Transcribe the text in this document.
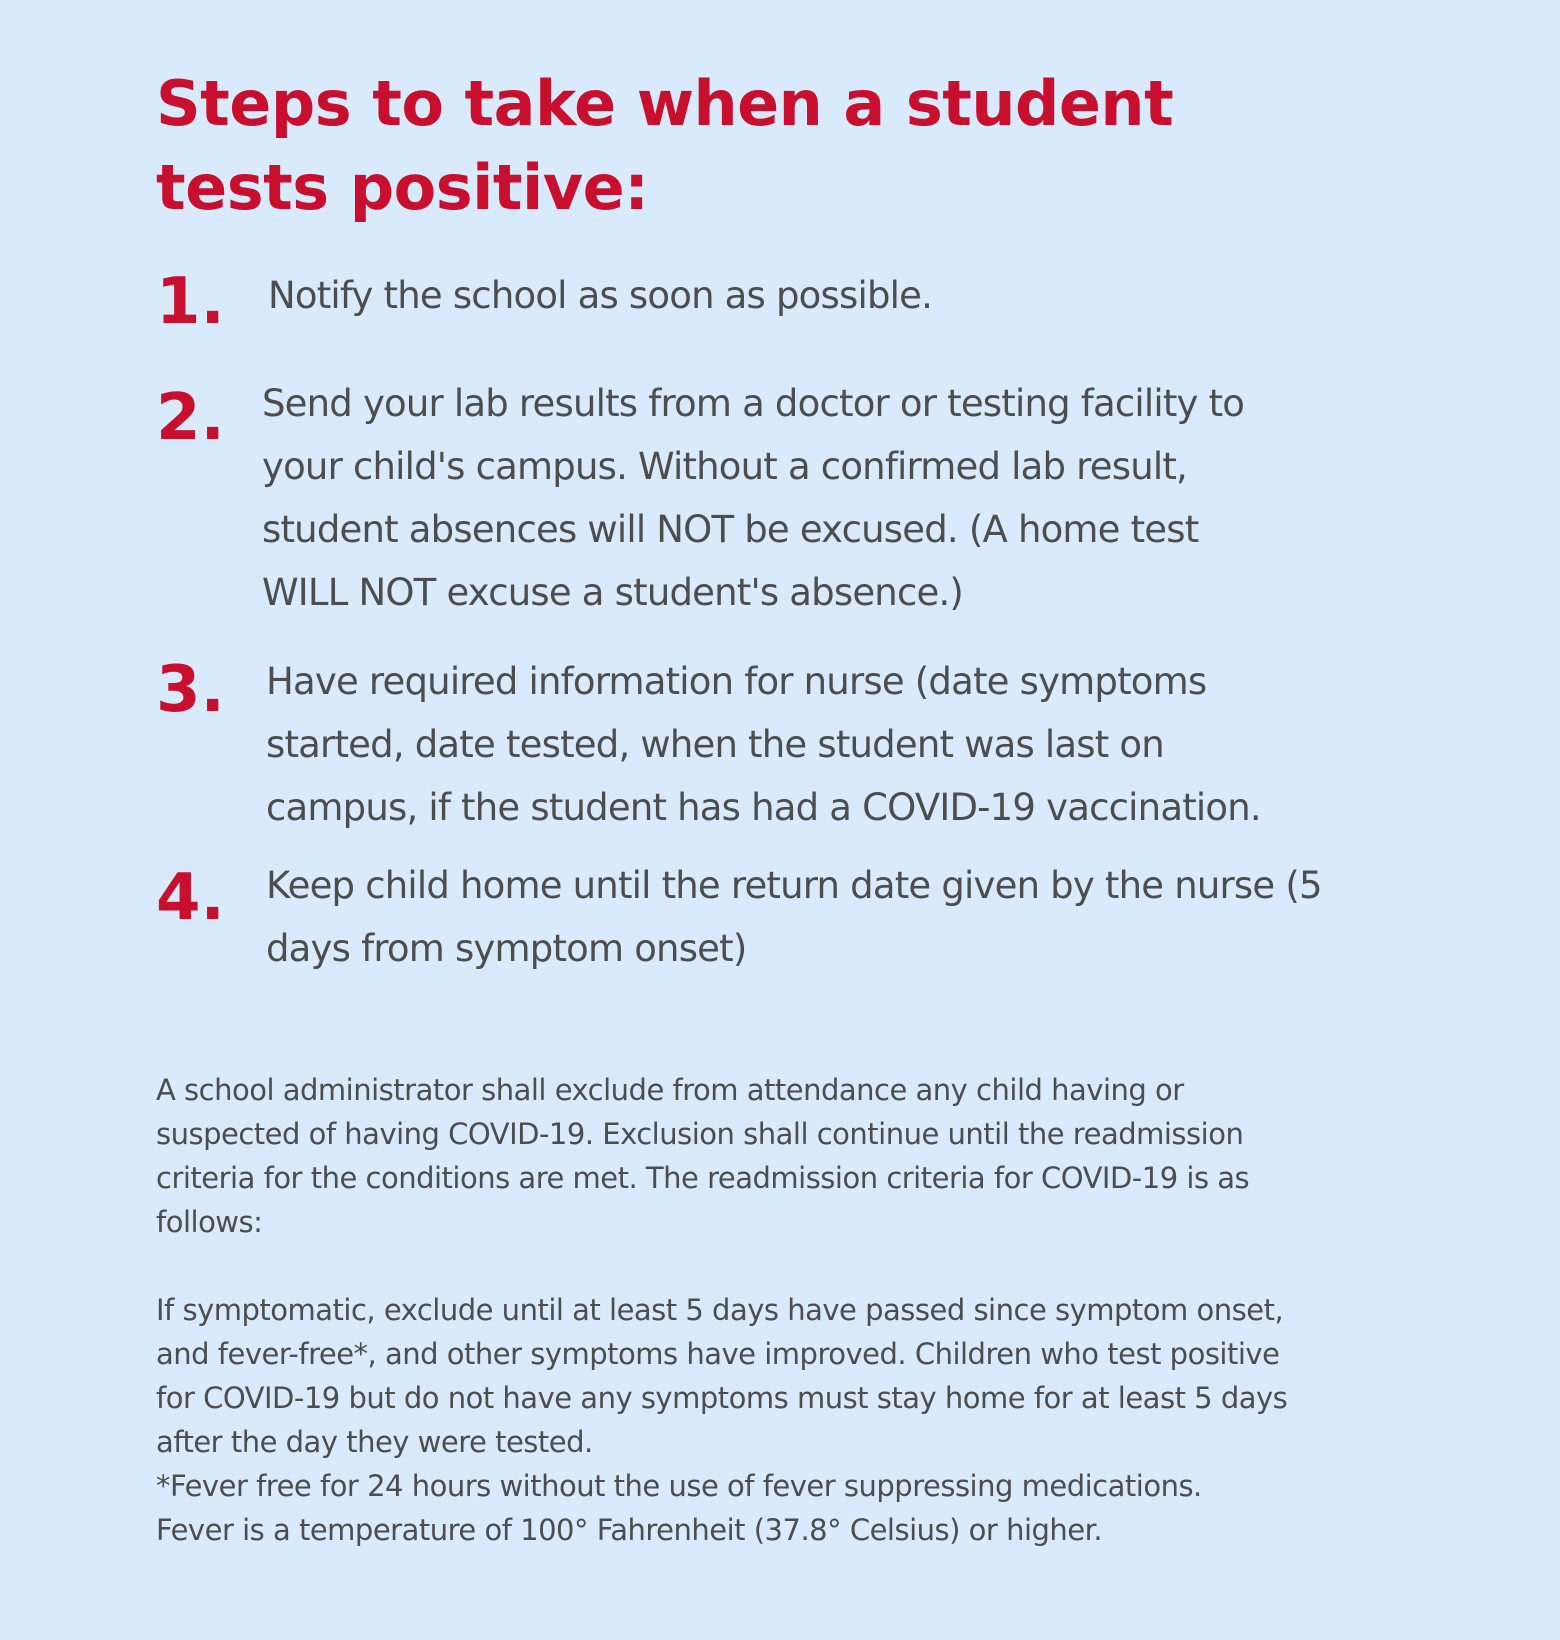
Steps to take when a student
tests positive:
1. Notify the school as soon as possible.
2. Send your lab results from a doctor or testing facility to
your child's campus. Without a confirmed lab result,
student absences will NOT be excused. (A home test
WILL NOT excuse a student's absence.)
3. Have required information for nurse (date symptoms
started, date tested, when the student was last on
campus, if the student has had a COVID-19 vaccination.
4. Keep child home until the return date given by the nurse (5
days from symptom onset)

A school administrator shall exclude from attendance any child having or
suspected of having COVID-19. Exclusion shall continue until the readmission
criteria for the conditions are met. The readmission criteria for COVID-19 is as
follows:

If symptomatic, exclude until at least 5 days have passed since symptom onset,
and fever-free*, and other symptoms have improved. Children who test positive
for COVID-19 but do not have any symptoms must stay home for at least 5 days
after the day they were tested.
*Fever free for 24 hours without the use of fever suppressing medications.
Fever is a temperature of 100° Fahrenheit (37.8° Celsius) or higher.
